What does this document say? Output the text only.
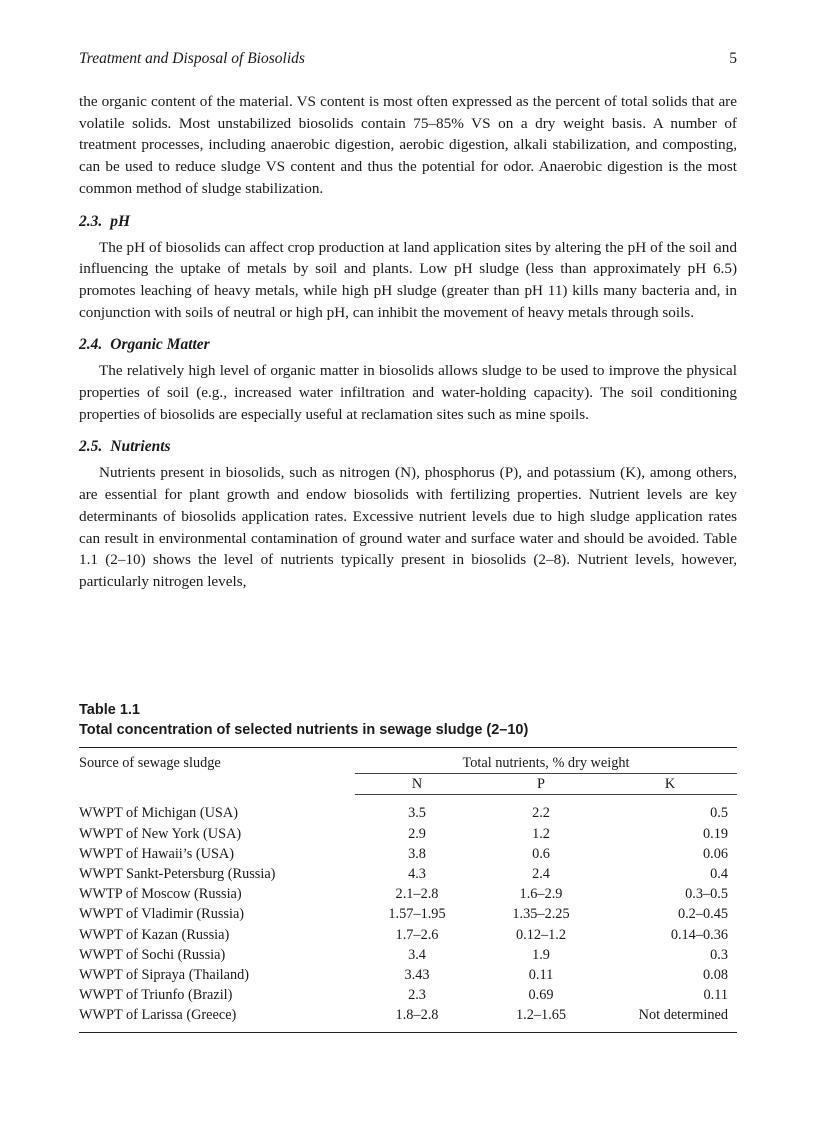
Treatment and Disposal of Biosolids	5

the organic content of the material. VS content is most often expressed as the percent of total solids that are volatile solids. Most unstabilized biosolids contain 75–85% VS on a dry weight basis. A number of treatment processes, including anaerobic digestion, aerobic digestion, alkali stabilization, and composting, can be used to reduce sludge VS content and thus the potential for odor. Anaerobic digestion is the most common method of sludge stabilization.

2.3. pH

The pH of biosolids can affect crop production at land application sites by altering the pH of the soil and influencing the uptake of metals by soil and plants. Low pH sludge (less than approximately pH 6.5) promotes leaching of heavy metals, while high pH sludge (greater than pH 11) kills many bacteria and, in conjunction with soils of neutral or high pH, can inhibit the movement of heavy metals through soils.

2.4. Organic Matter

The relatively high level of organic matter in biosolids allows sludge to be used to improve the physical properties of soil (e.g., increased water infiltration and water-holding capacity). The soil conditioning properties of biosolids are especially useful at reclamation sites such as mine spoils.

2.5. Nutrients

Nutrients present in biosolids, such as nitrogen (N), phosphorus (P), and potassium (K), among others, are essential for plant growth and endow biosolids with fertilizing properties. Nutrient levels are key determinants of biosolids application rates. Excessive nutrient levels due to high sludge application rates can result in environmental contamination of ground water and surface water and should be avoided. Table 1.1 (2–10) shows the level of nutrients typically present in biosolids (2–8). Nutrient levels, however, particularly nitrogen levels,

Table 1.1
Total concentration of selected nutrients in sewage sludge (2–10)
Source of sewage sludge	Total nutrients, % dry weight		
	N	P	K

WWPT of Michigan (USA)	3.5	2.2	0.5
WWPT of New York (USA)	2.9	1.2	0.19
WWPT of Hawaii’s (USA)	3.8	0.6	0.06
WWPT Sankt-Petersburg (Russia)	4.3	2.4	0.4
WWTP of Moscow (Russia)	2.1–2.8	1.6–2.9	0.3–0.5
WWPT of Vladimir (Russia)	1.57–1.95	1.35–2.25	0.2–0.45
WWPT of Kazan (Russia)	1.7–2.6	0.12–1.2	0.14–0.36
WWPT of Sochi (Russia)	3.4	1.9	0.3
WWPT of Sipraya (Thailand)	3.43	0.11	0.08
WWPT of Triunfo (Brazil)	2.3	0.69	0.11
WWPT of Larissa (Greece)	1.8–2.8	1.2–1.65	Not determined
